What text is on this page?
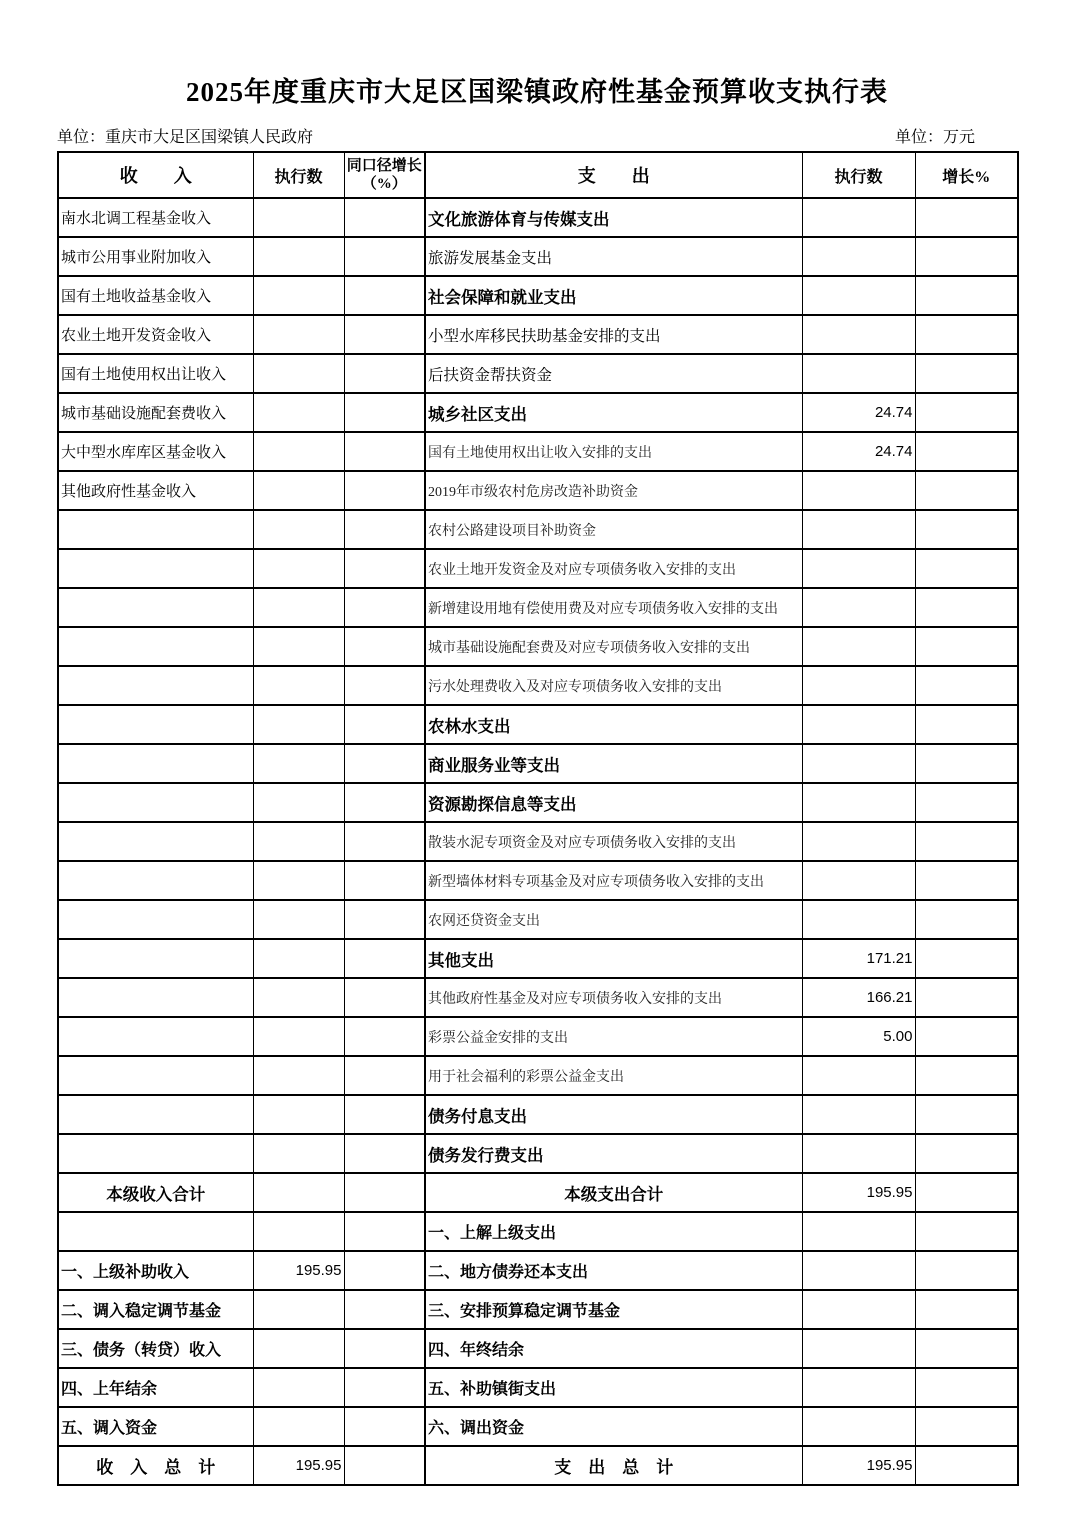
2025年度重庆市大足区国梁镇政府性基金预算收支执行表
单位：重庆市大足区国梁镇人民政府	单位：万元
收　　入	执行数	同口径增长（%）	支　　出	执行数	增长%
南水北调工程基金收入			文化旅游体育与传媒支出		
城市公用事业附加收入			旅游发展基金支出		
国有土地收益基金收入			社会保障和就业支出		
农业土地开发资金收入			小型水库移民扶助基金安排的支出		
国有土地使用权出让收入			后扶资金帮扶资金		
城市基础设施配套费收入			城乡社区支出	24.74	
大中型水库库区基金收入			国有土地使用权出让收入安排的支出	24.74	
其他政府性基金收入			2019年市级农村危房改造补助资金		
			农村公路建设项目补助资金		
			农业土地开发资金及对应专项债务收入安排的支出		
			新增建设用地有偿使用费及对应专项债务收入安排的支出		
			城市基础设施配套费及对应专项债务收入安排的支出		
			污水处理费收入及对应专项债务收入安排的支出		
			农林水支出		
			商业服务业等支出		
			资源勘探信息等支出		
			散装水泥专项资金及对应专项债务收入安排的支出		
			新型墙体材料专项基金及对应专项债务收入安排的支出		
			农网还贷资金支出		
			其他支出	171.21	
			其他政府性基金及对应专项债务收入安排的支出	166.21	
			彩票公益金安排的支出	5.00	
			用于社会福利的彩票公益金支出		
			债务付息支出		
			债务发行费支出		
本级收入合计			本级支出合计	195.95	
			一、上解上级支出		
一、上级补助收入	195.95		二、地方债券还本支出		
二、调入稳定调节基金			三、安排预算稳定调节基金		
三、债务（转贷）收入			四、年终结余		
四、上年结余			五、补助镇街支出		
五、调入资金			六、调出资金		
收　入　总　计	195.95		支　出　总　计	195.95	
